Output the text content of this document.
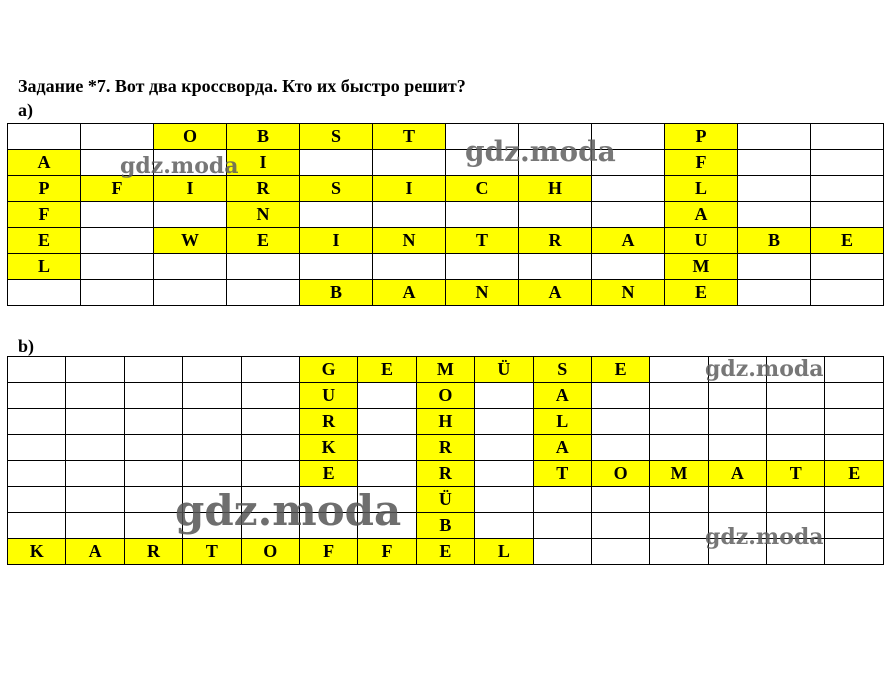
Задание *7. Вот два кроссворда. Кто их быстро решит?
а)
		O	B	S	T				P		
A			I						F		
P	F	I	R	S	I	C	H		L		
F			N						A		
E		W	E	I	N	T	R	A	U	B	E
L									M		
				B	A	N	A	N	E		
b)
					G	E	M	Ü	S	E				
					U		O		A					
					R		H		L					
					K		R		A					
					E		R		T	O	M	A	T	E
							Ü							
							B							
K	A	R	T	O	F	F	E	L						
gdz.moda
gdz.moda
gdz.moda
gdz.moda
gdz.moda
